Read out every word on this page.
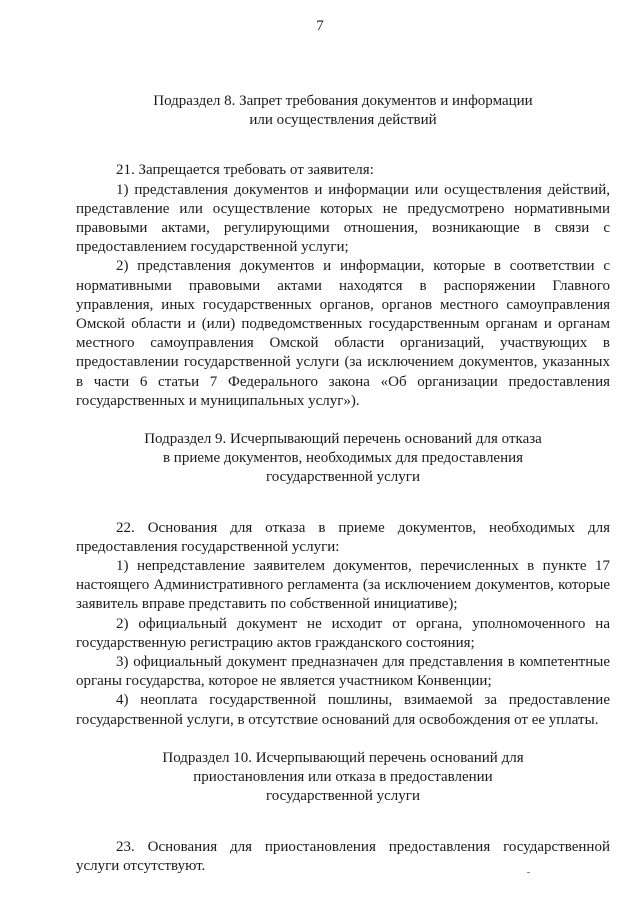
7
Подраздел 8. Запрет требования документов и информации
или осуществления действий

21. Запрещается требовать от заявителя:

1) представления документов и информации или осуществления действий, представление или осуществление которых не предусмотрено нормативными правовыми актами, регулирующими отношения, возникающие в связи с предоставлением государственной услуги;

2) представления документов и информации, которые в соответствии с нормативными правовыми актами находятся в распоряжении Главного управления, иных государственных органов, органов местного самоуправления Омской области и (или) подведомственных государственным органам и органам местного самоуправления Омской области организаций, участвующих в предоставлении государственной услуги (за исключением документов, указанных в части 6 статьи 7 Федерального закона «Об организации предоставления государственных и муниципальных услуг»).

Подраздел 9. Исчерпывающий перечень оснований для отказа
в приеме документов, необходимых для предоставления
государственной услуги

22. Основания для отказа в приеме документов, необходимых для предоставления государственной услуги:

1) непредставление заявителем документов, перечисленных в пункте 17 настоящего Административного регламента (за исключением документов, которые заявитель вправе представить по собственной инициативе);

2) официальный документ не исходит от органа, уполномоченного на государственную регистрацию актов гражданского состояния;

3) официальный документ предназначен для представления в компетентные органы государства, которое не является участником Конвенции;

4) неоплата государственной пошлины, взимаемой за предоставление государственной услуги, в отсутствие оснований для освобождения от ее уплаты.

Подраздел 10. Исчерпывающий перечень оснований для
приостановления или отказа в предоставлении
государственной услуги

23. Основания для приостановления предоставления государственной услуги отсутствуют.
